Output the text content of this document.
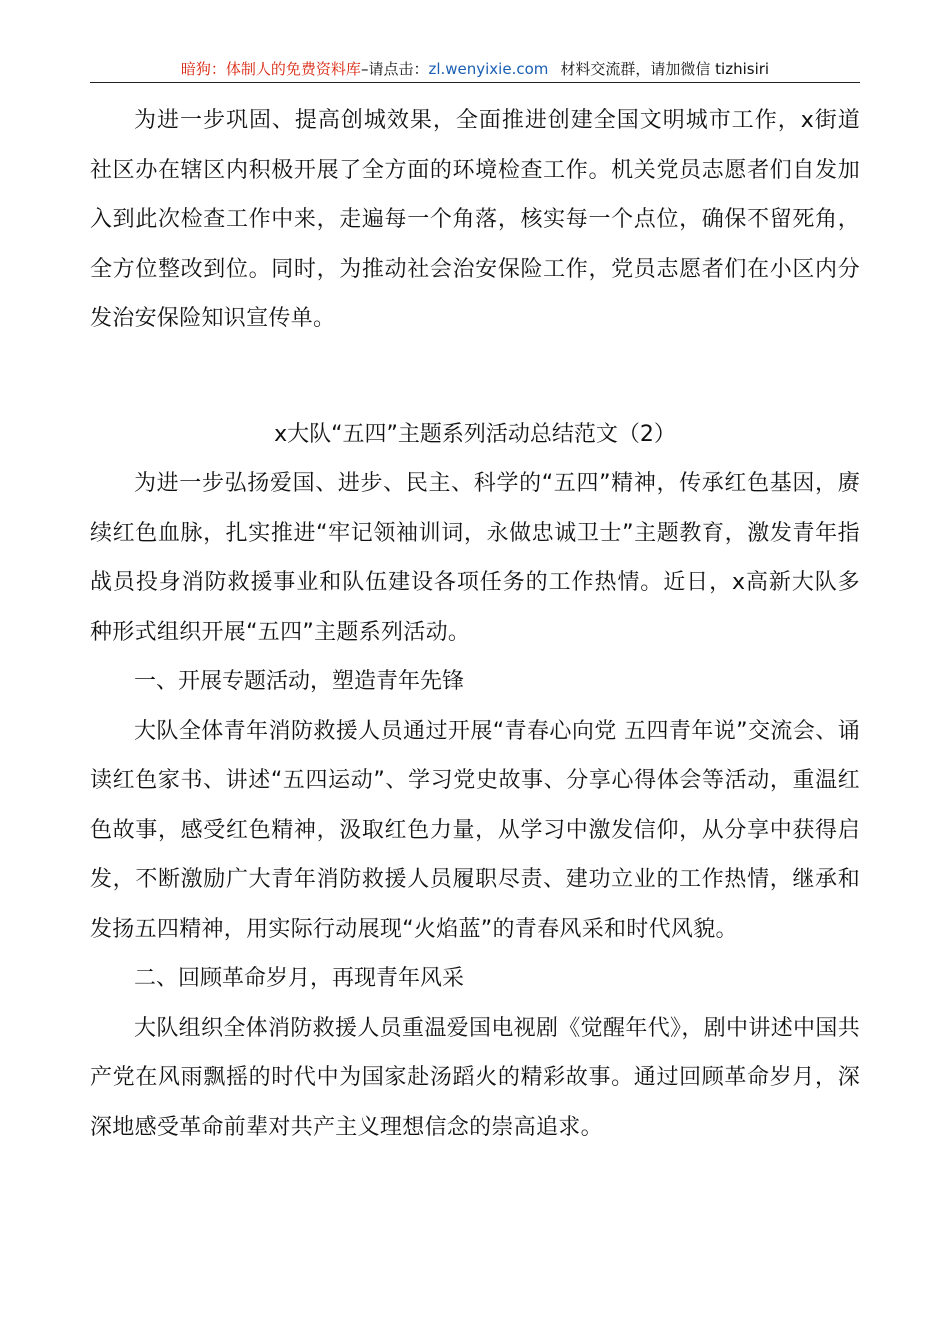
暗狗：体制人的免费资料库–请点击：zl.wenyixie.com 材料交流群，请加微信 tizhisiri

为进一步巩固、提高创城效果，全面推进创建全国文明城市工作，x街道社区办在辖区内积极开展了全方面的环境检查工作。机关党员志愿者们自发加入到此次检查工作中来，走遍每一个角落，核实每一个点位，确保不留死角，全方位整改到位。同时，为推动社会治安保险工作，党员志愿者们在小区内分发治安保险知识宣传单。

x大队“五四”主题系列活动总结范文（2）

为进一步弘扬爱国、进步、民主、科学的“五四”精神，传承红色基因，赓续红色血脉，扎实推进“牢记领袖训词，永做忠诚卫士”主题教育，激发青年指战员投身消防救援事业和队伍建设各项任务的工作热情。近日，x高新大队多种形式组织开展“五四”主题系列活动。

一、开展专题活动，塑造青年先锋

大队全体青年消防救援人员通过开展“青春心向党 五四青年说”交流会、诵读红色家书、讲述“五四运动”、学习党史故事、分享心得体会等活动，重温红色故事，感受红色精神，汲取红色力量，从学习中激发信仰，从分享中获得启发，不断激励广大青年消防救援人员履职尽责、建功立业的工作热情，继承和发扬五四精神，用实际行动展现“火焰蓝”的青春风采和时代风貌。

二、回顾革命岁月，再现青年风采

大队组织全体消防救援人员重温爱国电视剧《觉醒年代》，剧中讲述中国共产党在风雨飘摇的时代中为国家赴汤蹈火的精彩故事。通过回顾革命岁月，深深地感受革命前辈对共产主义理想信念的崇高追求。
